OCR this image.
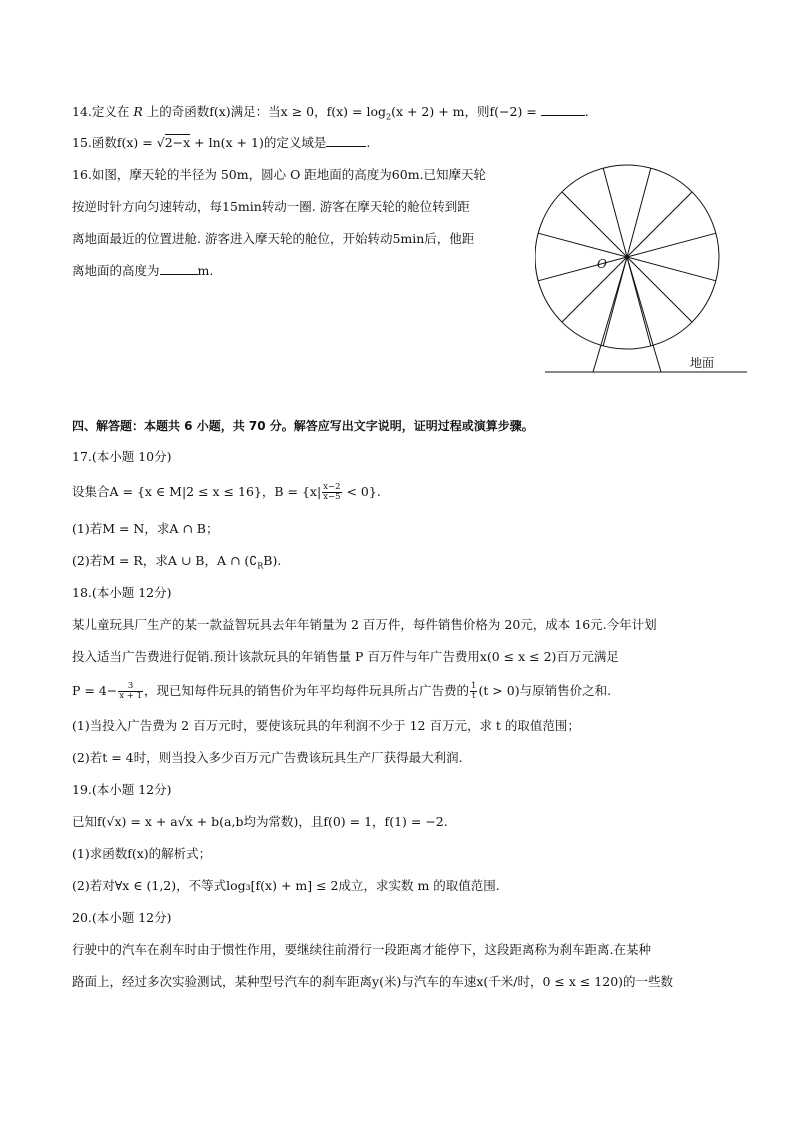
14.定义在 R 上的奇函数f(x)满足：当x ≥ 0，$f(x) = \log_2(x + 2) + m$，则f(−2) =	.
15.函数f(x) = √2−x + ln(x + 1)的定义域是	.
16.如图，摩天轮的半径为 50m，圆心 O 距地面的高度为60m.已知摩天轮
按逆时针方向匀速转动，每15min转动一圈. 游客在摩天轮的舱位转到距
离地面最近的位置进舱. 游客进入摩天轮的舱位，开始转动5min后，他距
离地面的高度为	m.	O
地面
四、解答题：本题共 6 小题，共 70 分。解答应写出文字说明，证明过程或演算步骤。
17.(本小题 10分)
设集合A = {x ∈ M|2 ≤ x ≤ 16}，$B = \{x| \frac{x-2}{x-5} < 0\}$.
(1)若M = N，求A ∩ B；
(2)若M = R，求A ∪ B，A ∩ $(∁_RB)$.
18.(本小题 12分)
某儿童玩具厂生产的某一款益智玩具去年年销量为 2 百万件，每件销售价格为 20元，成本 16元.今年计划
投入适当广告费进行促销.预计该款玩具的年销售量 P 百万件与年广告费用x(0 ≤ x ≤ 2)百万元满足
$P = 4- \frac{3}{x + 1}$ ，现已知每件玩具的销售价为年平均每件玩具所占广告费的 $\frac{1}{t} (t > 0)$与原销售价之和.
(1)当投入广告费为 2 百万元时，要使该玩具的年利润不少于 12 百万元，求 t 的取值范围；
(2)若t = 4时，则当投入多少百万元广告费该玩具生产厂获得最大利润.
19.(本小题 12分)
已知f(√x) = x + a√x + b(a,b均为常数)，且f(0) = 1，f(1) = −2.
(1)求函数f(x)的解析式；
(2)若对∀x ∈ (1,2)，不等式log₃[f(x) + m] ≤ 2成立，求实数 m 的取值范围.
20.(本小题 12分)
行驶中的汽车在刹车时由于惯性作用，要继续往前滑行一段距离才能停下，这段距离称为刹车距离.在某种
路面上，经过多次实验测试，某种型号汽车的刹车距离y(米)与汽车的车速x(千米/时，0 ≤ x ≤ 120)的一些数
